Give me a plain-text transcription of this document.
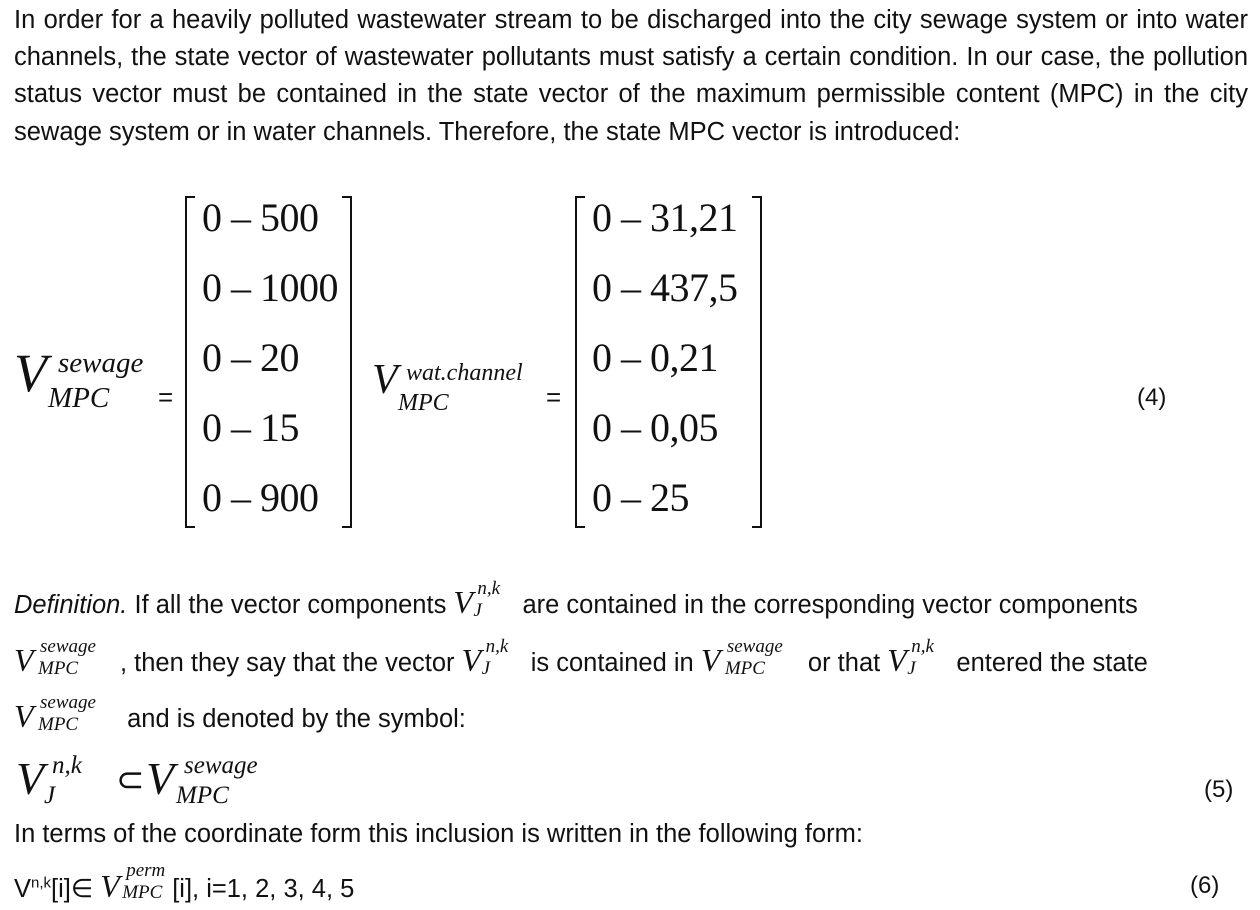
In order for a heavily polluted wastewater stream to be discharged into the city sewage system or into water channels, the state vector of wastewater pollutants must satisfy a certain condition. In our case, the pollution status vector must be contained in the state vector of the maximum permissible content (MPC) in the city sewage system or in water channels. Therefore, the state MPC vector is introduced:

V sewage
MPC =
0 – 500
0 – 1000
0 – 20
0 – 15
0 – 900
V wat.channel
MPC	=
0 – 31,21
0 – 437,5
0 – 0,21
0 – 0,05
0 – 25
(4)
Definition. If all the vector components V n,k
J are contained in the corresponding vector components
V sewage
MPC , then they say that the vector V n,k
J is contained in V sewage
MPC or that V n,k
J entered the state
V sewage
MPC and is denoted by the symbol:
V n,k
J ⊂ V sewage
MPC	(5)
In terms of the coordinate form this inclusion is written in the following form:
V$^{n,k}$[i]∈ V perm
MPC [i], i=1, 2, 3, 4, 5	(6)
